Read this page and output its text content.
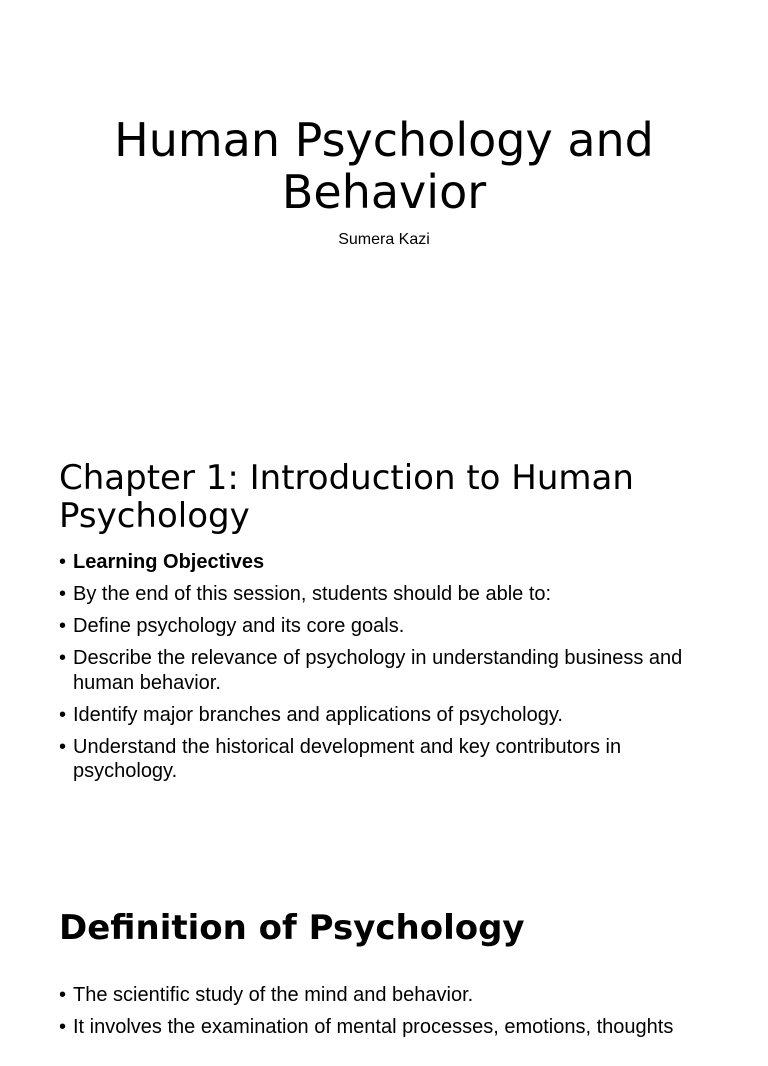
Human Psychology and
Behavior
Sumera Kazi
Chapter 1: Introduction to Human
Psychology
• Learning Objectives
• By the end of this session, students should be able to:
• Define psychology and its core goals.
• Describe the relevance of psychology in understanding business and human behavior.
• Identify major branches and applications of psychology.
• Understand the historical development and key contributors in psychology.
Definition of Psychology
• The scientific study of the mind and behavior.
• It involves the examination of mental processes, emotions, thoughts
